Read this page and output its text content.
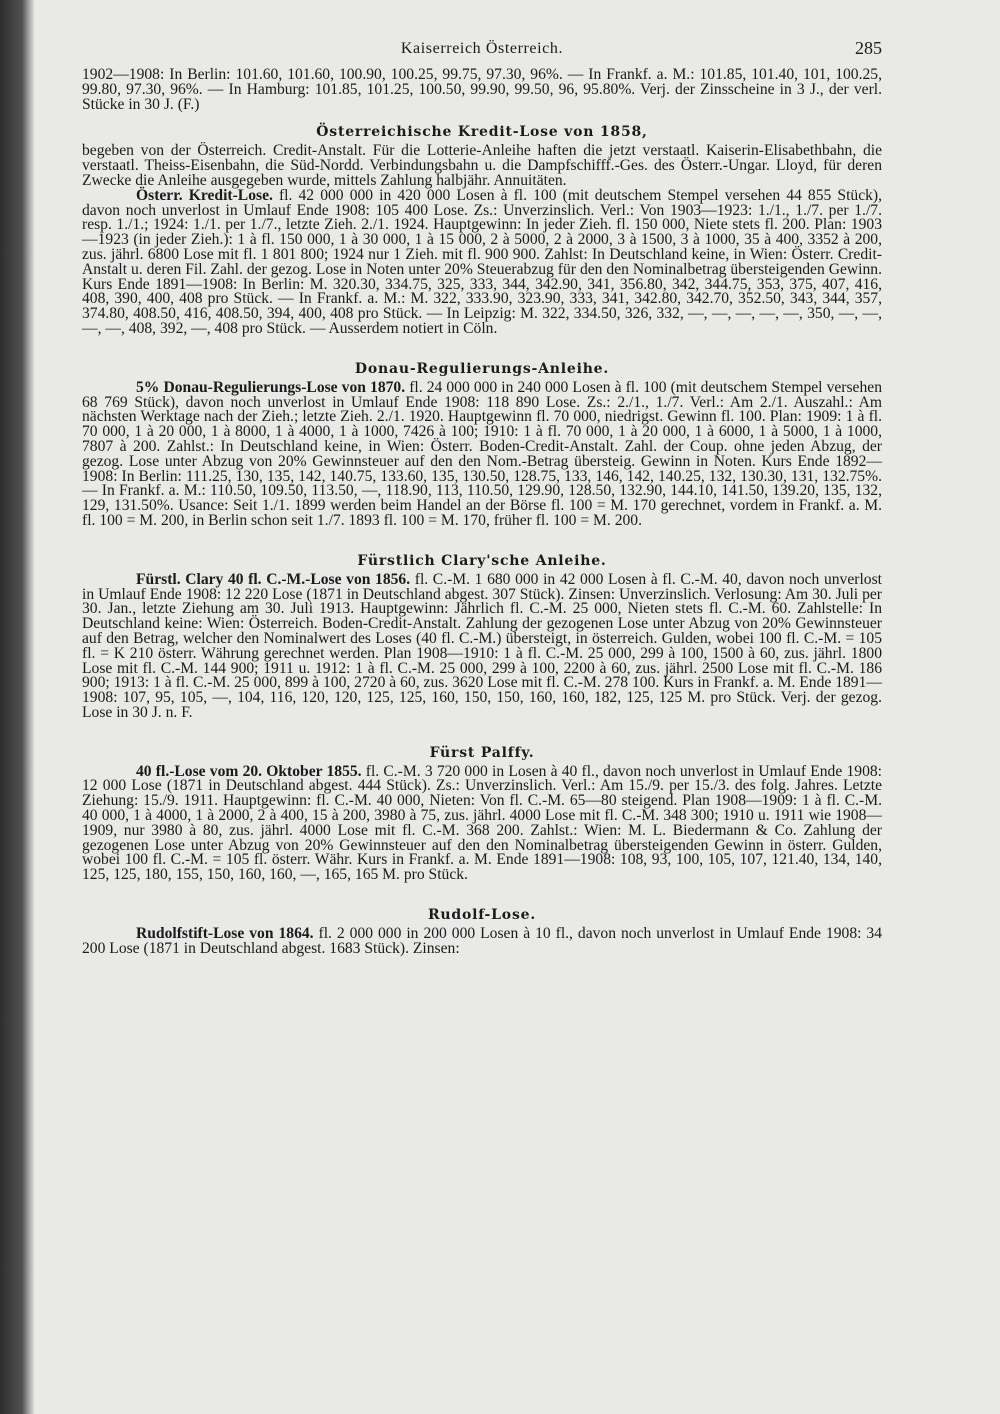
Kaiserreich Österreich.	285

1902—1908: In Berlin: 101.60, 101.60, 100.90, 100.25, 99.75, 97.30, 96%. — In Frankf. a. M.: 101.85, 101.40, 101, 100.25, 99.80, 97.30, 96%. — In Hamburg: 101.85, 101.25, 100.50, 99.90, 99.50, 96, 95.80%. Verj. der Zinsscheine in 3 J., der verl. Stücke in 30 J. (F.)

Österreichische Kredit-Lose von 1858,

begeben von der Österreich. Credit-Anstalt. Für die Lotterie-Anleihe haften die jetzt verstaatl. Kaiserin-Elisabethbahn, die verstaatl. Theiss-Eisenbahn, die Süd-Nordd. Verbindungsbahn u. die Dampfschifff.-Ges. des Österr.-Ungar. Lloyd, für deren Zwecke die Anleihe ausgegeben wurde, mittels Zahlung halbjähr. Annuitäten.

Österr. Kredit-Lose. fl. 42 000 000 in 420 000 Losen à fl. 100 (mit deutschem Stempel versehen 44 855 Stück), davon noch unverlost in Umlauf Ende 1908: 105 400 Lose. Zs.: Unverzinslich. Verl.: Von 1903—1923: 1./1., 1./7. per 1./7. resp. 1./1.; 1924: 1./1. per 1./7., letzte Zieh. 2./1. 1924. Hauptgewinn: In jeder Zieh. fl. 150 000, Niete stets fl. 200. Plan: 1903—1923 (in jeder Zieh.): 1 à fl. 150 000, 1 à 30 000, 1 à 15 000, 2 à 5000, 2 à 2000, 3 à 1500, 3 à 1000, 35 à 400, 3352 à 200, zus. jährl. 6800 Lose mit fl. 1 801 800; 1924 nur 1 Zieh. mit fl. 900 900. Zahlst: In Deutschland keine, in Wien: Österr. Credit-Anstalt u. deren Fil. Zahl. der gezog. Lose in Noten unter 20% Steuerabzug für den den Nominalbetrag übersteigenden Gewinn. Kurs Ende 1891—1908: In Berlin: M. 320.30, 334.75, 325, 333, 344, 342.90, 341, 356.80, 342, 344.75, 353, 375, 407, 416, 408, 390, 400, 408 pro Stück. — In Frankf. a. M.: M. 322, 333.90, 323.90, 333, 341, 342.80, 342.70, 352.50, 343, 344, 357, 374.80, 408.50, 416, 408.50, 394, 400, 408 pro Stück. — In Leipzig: M. 322, 334.50, 326, 332, —, —, —, —, —, 350, —, —, —, —, 408, 392, —, 408 pro Stück. — Ausserdem notiert in Cöln.

Donau-Regulierungs-Anleihe.

5% Donau-Regulierungs-Lose von 1870. fl. 24 000 000 in 240 000 Losen à fl. 100 (mit deutschem Stempel versehen 68 769 Stück), davon noch unverlost in Umlauf Ende 1908: 118 890 Lose. Zs.: 2./1., 1./7. Verl.: Am 2./1. Auszahl.: Am nächsten Werktage nach der Zieh.; letzte Zieh. 2./1. 1920. Hauptgewinn fl. 70 000, niedrigst. Gewinn fl. 100. Plan: 1909: 1 à fl. 70 000, 1 à 20 000, 1 à 8000, 1 à 4000, 1 à 1000, 7426 à 100; 1910: 1 à fl. 70 000, 1 à 20 000, 1 à 6000, 1 à 5000, 1 à 1000, 7807 à 200. Zahlst.: In Deutschland keine, in Wien: Österr. Boden-Credit-Anstalt. Zahl. der Coup. ohne jeden Abzug, der gezog. Lose unter Abzug von 20% Gewinnsteuer auf den den Nom.-Betrag übersteig. Gewinn in Noten. Kurs Ende 1892—1908: In Berlin: 111.25, 130, 135, 142, 140.75, 133.60, 135, 130.50, 128.75, 133, 146, 142, 140.25, 132, 130.30, 131, 132.75%. — In Frankf. a. M.: 110.50, 109.50, 113.50, —, 118.90, 113, 110.50, 129.90, 128.50, 132.90, 144.10, 141.50, 139.20, 135, 132, 129, 131.50%. Usance: Seit 1./1. 1899 werden beim Handel an der Börse fl. 100 = M. 170 gerechnet, vordem in Frankf. a. M. fl. 100 = M. 200, in Berlin schon seit 1./7. 1893 fl. 100 = M. 170, früher fl. 100 = M. 200.

Fürstlich Clary'sche Anleihe.

Fürstl. Clary 40 fl. C.-M.-Lose von 1856. fl. C.-M. 1 680 000 in 42 000 Losen à fl. C.-M. 40, davon noch unverlost in Umlauf Ende 1908: 12 220 Lose (1871 in Deutschland abgest. 307 Stück). Zinsen: Unverzinslich. Verlosung: Am 30. Juli per 30. Jan., letzte Ziehung am 30. Juli 1913. Hauptgewinn: Jährlich fl. C.-M. 25 000, Nieten stets fl. C.-M. 60. Zahlstelle: In Deutschland keine: Wien: Österreich. Boden-Credit-Anstalt. Zahlung der gezogenen Lose unter Abzug von 20% Gewinnsteuer auf den Betrag, welcher den Nominalwert des Loses (40 fl. C.-M.) übersteigt, in österreich. Gulden, wobei 100 fl. C.-M. = 105 fl. = K 210 österr. Währung gerechnet werden. Plan 1908—1910: 1 à fl. C.-M. 25 000, 299 à 100, 1500 à 60, zus. jährl. 1800 Lose mit fl. C.-M. 144 900; 1911 u. 1912: 1 à fl. C.-M. 25 000, 299 à 100, 2200 à 60, zus. jährl. 2500 Lose mit fl. C.-M. 186 900; 1913: 1 à fl. C.-M. 25 000, 899 à 100, 2720 à 60, zus. 3620 Lose mit fl. C.-M. 278 100. Kurs in Frankf. a. M. Ende 1891—1908: 107, 95, 105, —, 104, 116, 120, 120, 125, 125, 160, 150, 150, 160, 160, 182, 125, 125 M. pro Stück. Verj. der gezog. Lose in 30 J. n. F.

Fürst Palffy.

40 fl.-Lose vom 20. Oktober 1855. fl. C.-M. 3 720 000 in Losen à 40 fl., davon noch unverlost in Umlauf Ende 1908: 12 000 Lose (1871 in Deutschland abgest. 444 Stück). Zs.: Unverzinslich. Verl.: Am 15./9. per 15./3. des folg. Jahres. Letzte Ziehung: 15./9. 1911. Hauptgewinn: fl. C.-M. 40 000, Nieten: Von fl. C.-M. 65—80 steigend. Plan 1908—1909: 1 à fl. C.-M. 40 000, 1 à 4000, 1 à 2000, 2 à 400, 15 à 200, 3980 à 75, zus. jährl. 4000 Lose mit fl. C.-M. 348 300; 1910 u. 1911 wie 1908—1909, nur 3980 à 80, zus. jährl. 4000 Lose mit fl. C.-M. 368 200. Zahlst.: Wien: M. L. Biedermann & Co. Zahlung der gezogenen Lose unter Abzug von 20% Gewinnsteuer auf den den Nominalbetrag übersteigenden Gewinn in österr. Gulden, wobei 100 fl. C.-M. = 105 fl. österr. Währ. Kurs in Frankf. a. M. Ende 1891—1908: 108, 93, 100, 105, 107, 121.40, 134, 140, 125, 125, 180, 155, 150, 160, 160, —, 165, 165 M. pro Stück.

Rudolf-Lose.

Rudolfstift-Lose von 1864. fl. 2 000 000 in 200 000 Losen à 10 fl., davon noch unverlost in Umlauf Ende 1908: 34 200 Lose (1871 in Deutschland abgest. 1683 Stück). Zinsen:
